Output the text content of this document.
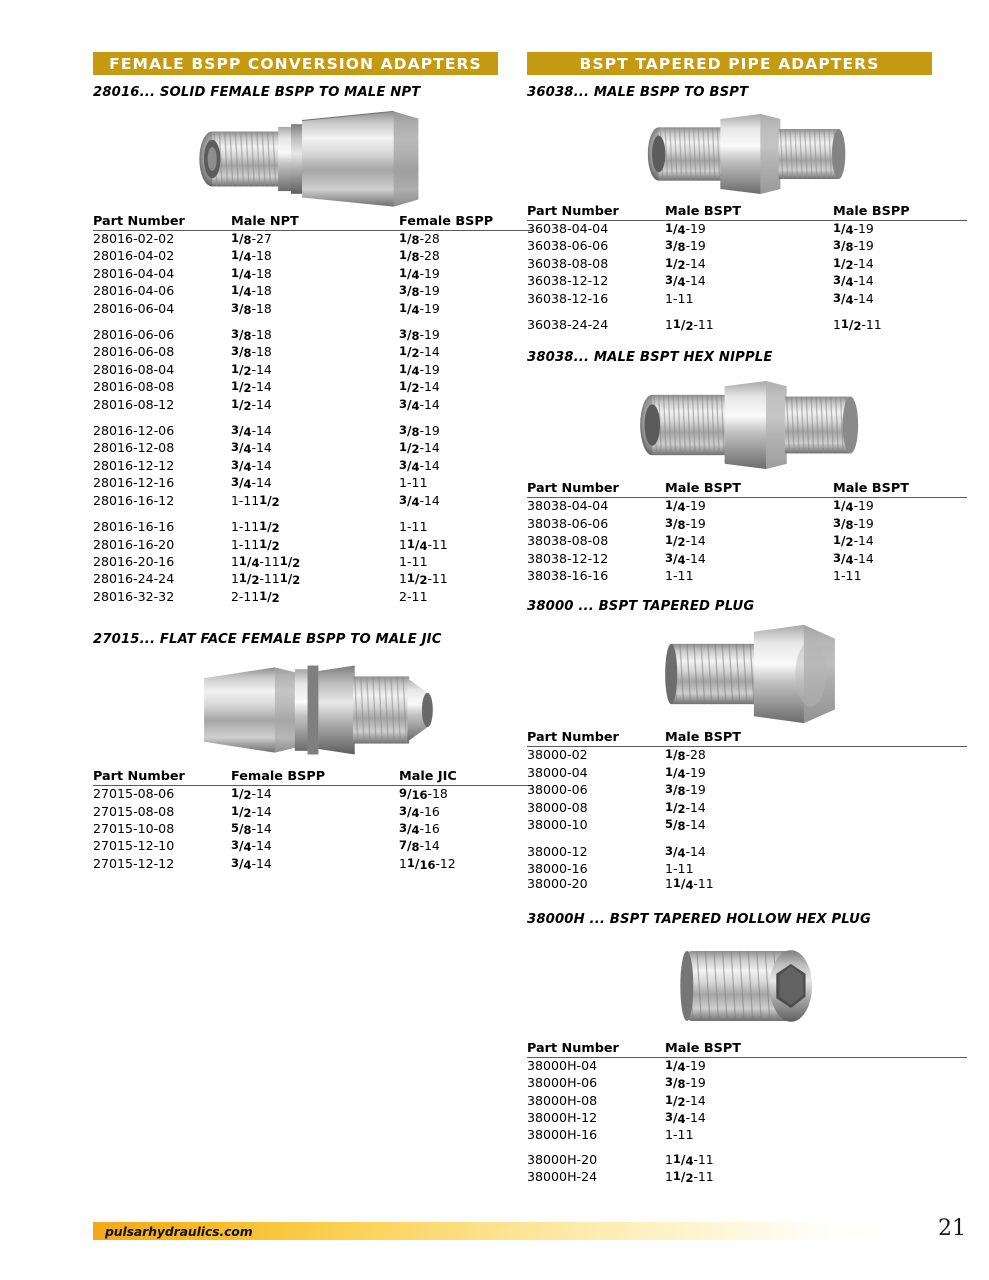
FEMALE BSPP CONVERSION ADAPTERS
28016... SOLID FEMALE BSPP TO MALE NPT
Part Number	Male NPT	Female BSPP
28016-02-02	$^1/_8-27$	$^1/_8-28$
28016-04-02	$^1/_4-18$	$^1/_8-28$
28016-04-04	$^1/_4-18$	$^1/_4-19$
28016-04-06	$^1/_4-18$	$^3/_8-19$
28016-06-04	$^3/_8-18$	$^1/_4-19$

28016-06-06	$^3/_8-18$	$^3/_8-19$
28016-06-08	$^3/_8-18$	$^1/_2-14$
28016-08-04	$^1/_2-14$	$^1/_4-19$
28016-08-08	$^1/_2-14$	$^1/_2-14$
28016-08-12	$^1/_2-14$	$^3/_4-14$

28016-12-06	$^3/_4-14$	$^3/_8-19$
28016-12-08	$^3/_4-14$	$^1/_2-14$
28016-12-12	$^3/_4-14$	$^3/_4-14$
28016-12-16	$^3/_4-14$	1-11
28016-16-12	$1-11^1/_2$	$^3/_4-14$

28016-16-16	$1-11^1/_2$	1-11
28016-16-20	$1-11^1/_2$	$1^1/_4-11$
28016-20-16	$1^1/_4-11^1/_2$	1-11
28016-24-24	$1^1/_2-11^1/_2$	$1^1/_2-11$
28016-32-32	$2-11^1/_2$	2-11
27015... FLAT FACE FEMALE BSPP TO MALE JIC
Part Number	Female BSPP	Male JIC
27015-08-06	$^1/_2-14$	$^9/_{16}-18$
27015-08-08	$^1/_2-14$	$^3/_4-16$
27015-10-08	$^5/_8-14$	$^3/_4-16$
27015-12-10	$^3/_4-14$	$^7/_8-14$
27015-12-12	$^3/_4-14$	$1^1/_{16}-12$
BSPT TAPERED PIPE ADAPTERS
36038... MALE BSPP TO BSPT
Part Number	Male BSPT	Male BSPP
36038-04-04	$^1/_4-19$	$^1/_4-19$
36038-06-06	$^3/_8-19$	$^3/_8-19$
36038-08-08	$^1/_2-14$	$^1/_2-14$
36038-12-12	$^3/_4-14$	$^3/_4-14$
36038-12-16	1-11	$^3/_4-14$

36038-24-24	$1^1/_2-11$	$1^1/_2-11$
38038... MALE BSPT HEX NIPPLE
Part Number	Male BSPT	Male BSPT
38038-04-04	$^1/_4-19$	$^1/_4-19$
38038-06-06	$^3/_8-19$	$^3/_8-19$
38038-08-08	$^1/_2-14$	$^1/_2-14$
38038-12-12	$^3/_4-14$	$^3/_4-14$
38038-16-16	1-11	1-11
38000 ... BSPT TAPERED PLUG
Part Number	Male BSPT	
38000-02	$^1/_8-28$	
38000-04	$^1/_4-19$	
38000-06	$^3/_8-19$	
38000-08	$^1/_2-14$	
38000-10	$^5/_8-14$	

38000-12	$^3/_4-14$	
38000-16	1-11	
38000-20	$1^1/_4-11$	
38000H ... BSPT TAPERED HOLLOW HEX PLUG
Part Number	Male BSPT	
38000H-04	$^1/_4-19$	
38000H-06	$^3/_8-19$	
38000H-08	$^1/_2-14$	
38000H-12	$^3/_4-14$	
38000H-16	1-11	

38000H-20	$1^1/_4-11$	
38000H-24	$1^1/_2-11$	
pulsarhydraulics.com	21
